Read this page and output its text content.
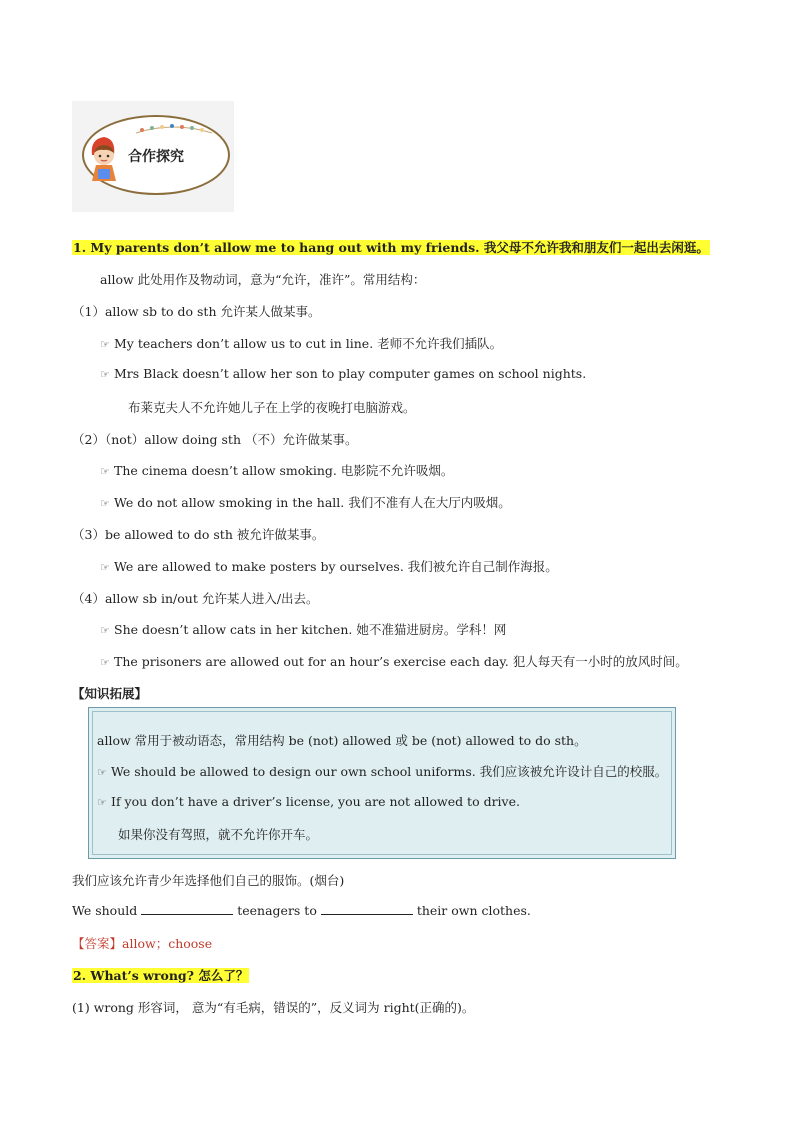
合作探究
1. My parents don’t allow me to hang out with my friends. 我父母不允许我和朋友们一起出去闲逛。
allow 此处用作及物动词，意为“允许，准许”。常用结构：
（1）allow sb to do sth 允许某人做某事。
☞ My teachers don’t allow us to cut in line. 老师不允许我们插队。
☞ Mrs Black doesn’t allow her son to play computer games on school nights.
布莱克夫人不允许她儿子在上学的夜晚打电脑游戏。
（2）（not）allow doing sth （不）允许做某事。
☞ The cinema doesn’t allow smoking. 电影院不允许吸烟。
☞ We do not allow smoking in the hall. 我们不准有人在大厅内吸烟。
（3）be allowed to do sth 被允许做某事。
☞ We are allowed to make posters by ourselves. 我们被允许自己制作海报。
（4）allow sb in/out 允许某人进入/出去。
☞ She doesn’t allow cats in her kitchen. 她不准猫进厨房。学科！网
☞ The prisoners are allowed out for an hour’s exercise each day. 犯人每天有一小时的放风时间。
【知识拓展】
allow 常用于被动语态，常用结构 be (not) allowed 或 be (not) allowed to do sth。
☞ We should be allowed to design our own school uniforms. 我们应该被允许设计自己的校服。
☞ If you don’t have a driver’s license, you are not allowed to drive.
如果你没有驾照，就不允许你开车。
我们应该允许青少年选择他们自己的服饰。(烟台)
We should	teenagers to	their own clothes.
【答案】allow；choose
2. What’s wrong? 怎么了？
(1) wrong 形容词， 意为“有毛病，错误的”，反义词为 right(正确的)。
